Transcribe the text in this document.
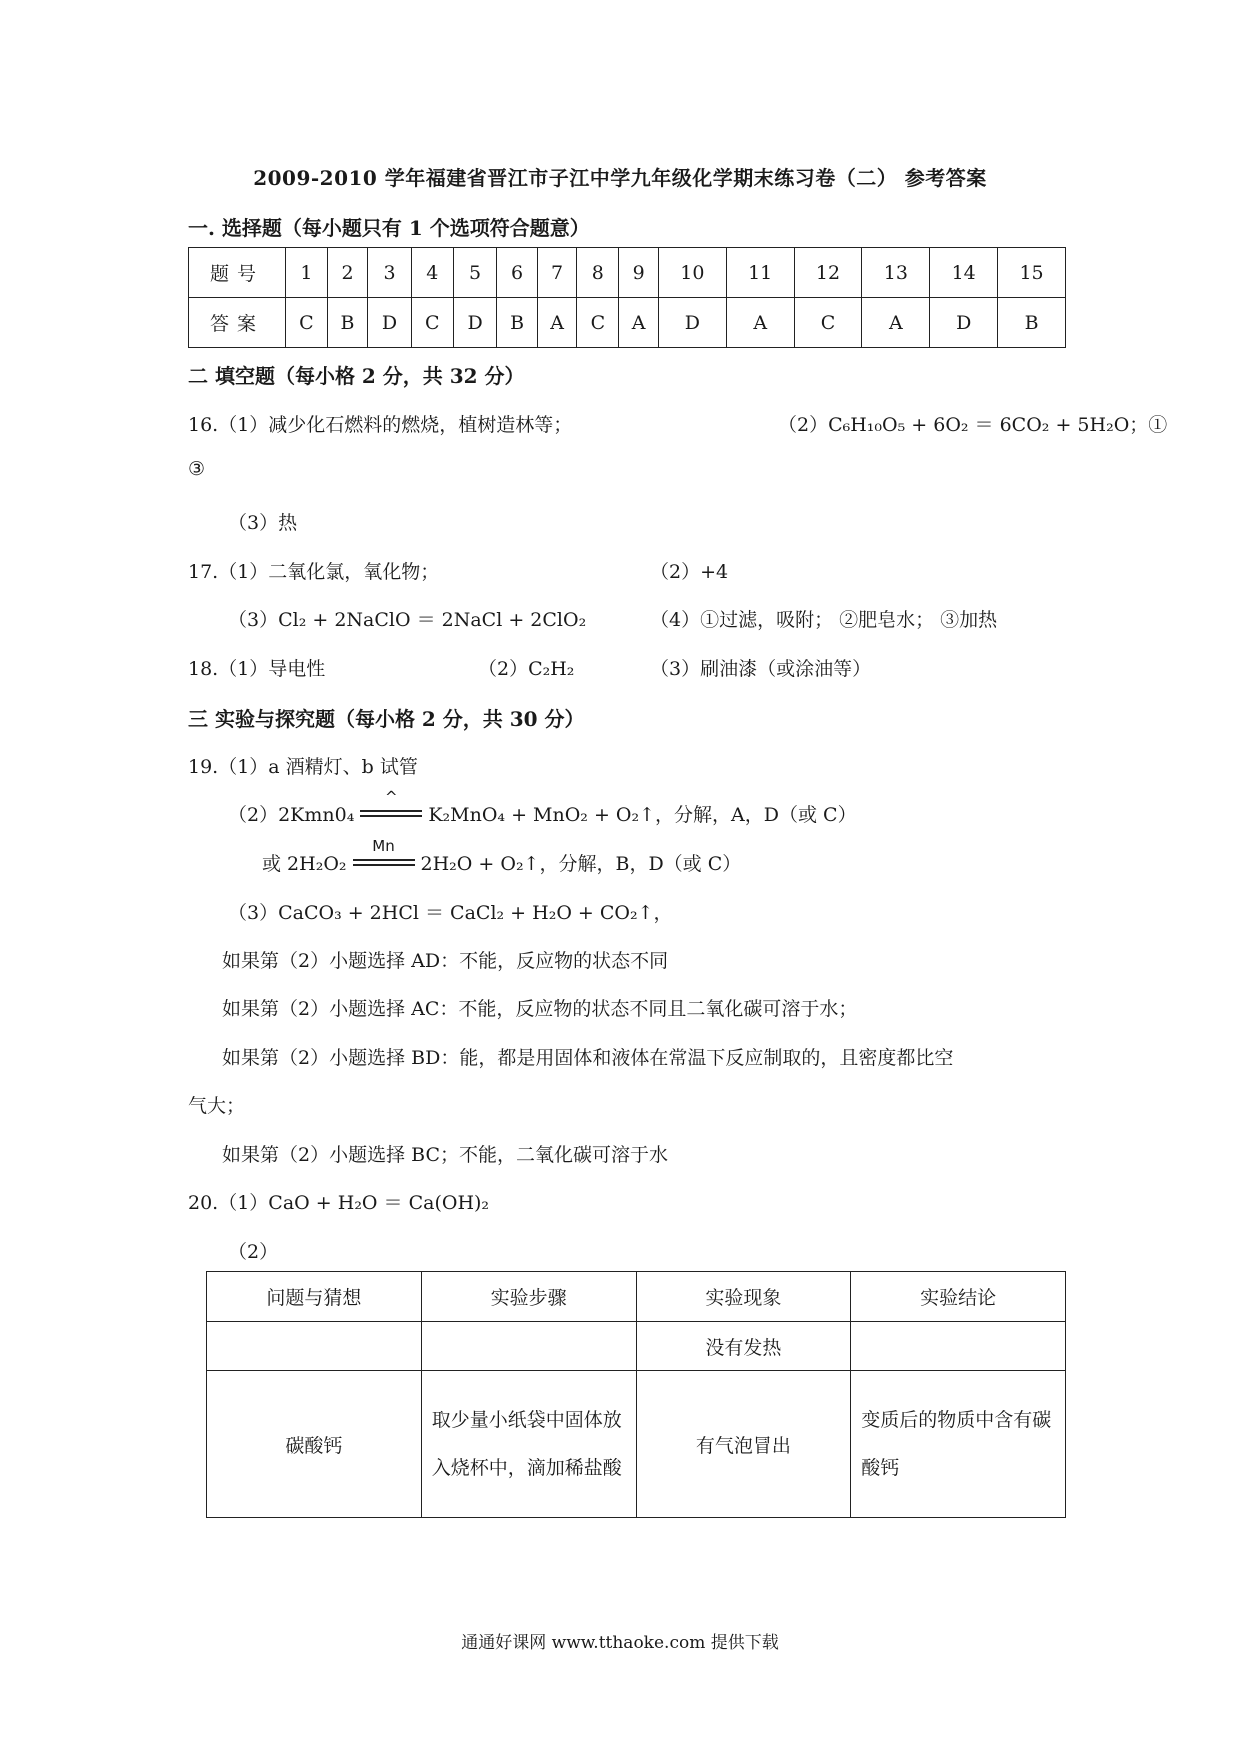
2009-2010 学年福建省晋江市子江中学九年级化学期末练习卷（二） 参考答案
一. 选择题（每小题只有 1 个选项符合题意）
题号	1	2	3	4	5	6	7	8	9	10	11	12	13	14	15
答案	C	B	D	C	D	B	A	C	A	D	A	C	A	D	B
二 填空题（每小格 2 分，共 32 分）
16.（1）减少化石燃料的燃烧，植树造林等；	（2）C₆H₁₀O₅ + 6O₂ ＝ 6CO₂ + 5H₂O；①
③
（3）热
17.（1）二氧化氯，氧化物；	（2）+4
（3）Cl₂ + 2NaClO ＝ 2NaCl + 2ClO₂	（4）①过滤，吸附； ②肥皂水； ③加热
18.（1）导电性	（2）C₂H₂	（3）刷油漆（或涂油等）
三 实验与探究题（每小格 2 分，共 30 分）
19.（1）a 酒精灯、b 试管
（2）2Kmn0₄
^
K₂MnO₄ + MnO₂ + O₂↑，分解，A，D（或 C）
或 2H₂O₂
Mn
2H₂O + O₂↑，分解，B，D（或 C）
（3）CaCO₃ + 2HCl ＝ CaCl₂ + H₂O + CO₂↑，
如果第（2）小题选择 AD：不能，反应物的状态不同
如果第（2）小题选择 AC：不能，反应物的状态不同且二氧化碳可溶于水；
如果第（2）小题选择 BD：能，都是用固体和液体在常温下反应制取的，且密度都比空
气大；
如果第（2）小题选择 BC；不能，二氧化碳可溶于水
20.（1）CaO + H₂O ＝ Ca(OH)₂
（2）
问题与猜想	实验步骤	实验现象	实验结论
		没有发热	
碳酸钙	取少量小纸袋中固体放入烧杯中，滴加稀盐酸	有气泡冒出	变质后的物质中含有碳酸钙
通通好课网 www.tthaoke.com 提供下载
